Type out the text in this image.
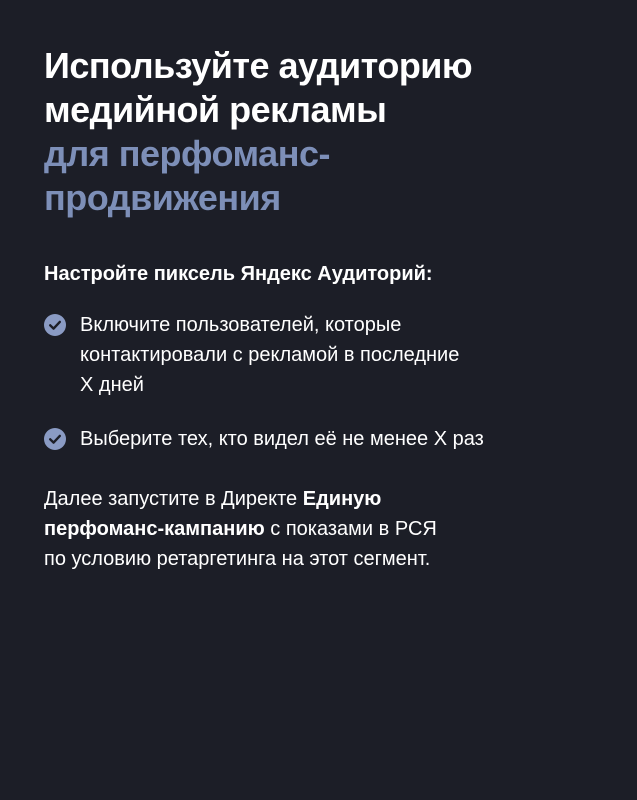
Используйте аудиторию
медийной рекламы
для перфоманс-
продвижения

Настройте пиксель Яндекс Аудиторий:

Включите пользователей, которые
контактировали с рекламой в последние
X дней
Выберите тех, кто видел её не менее X раз

Далее запустите в Директе Единую
перфоманс-кампанию с показами в РСЯ
по условию ретаргетинга на этот сегмент.
